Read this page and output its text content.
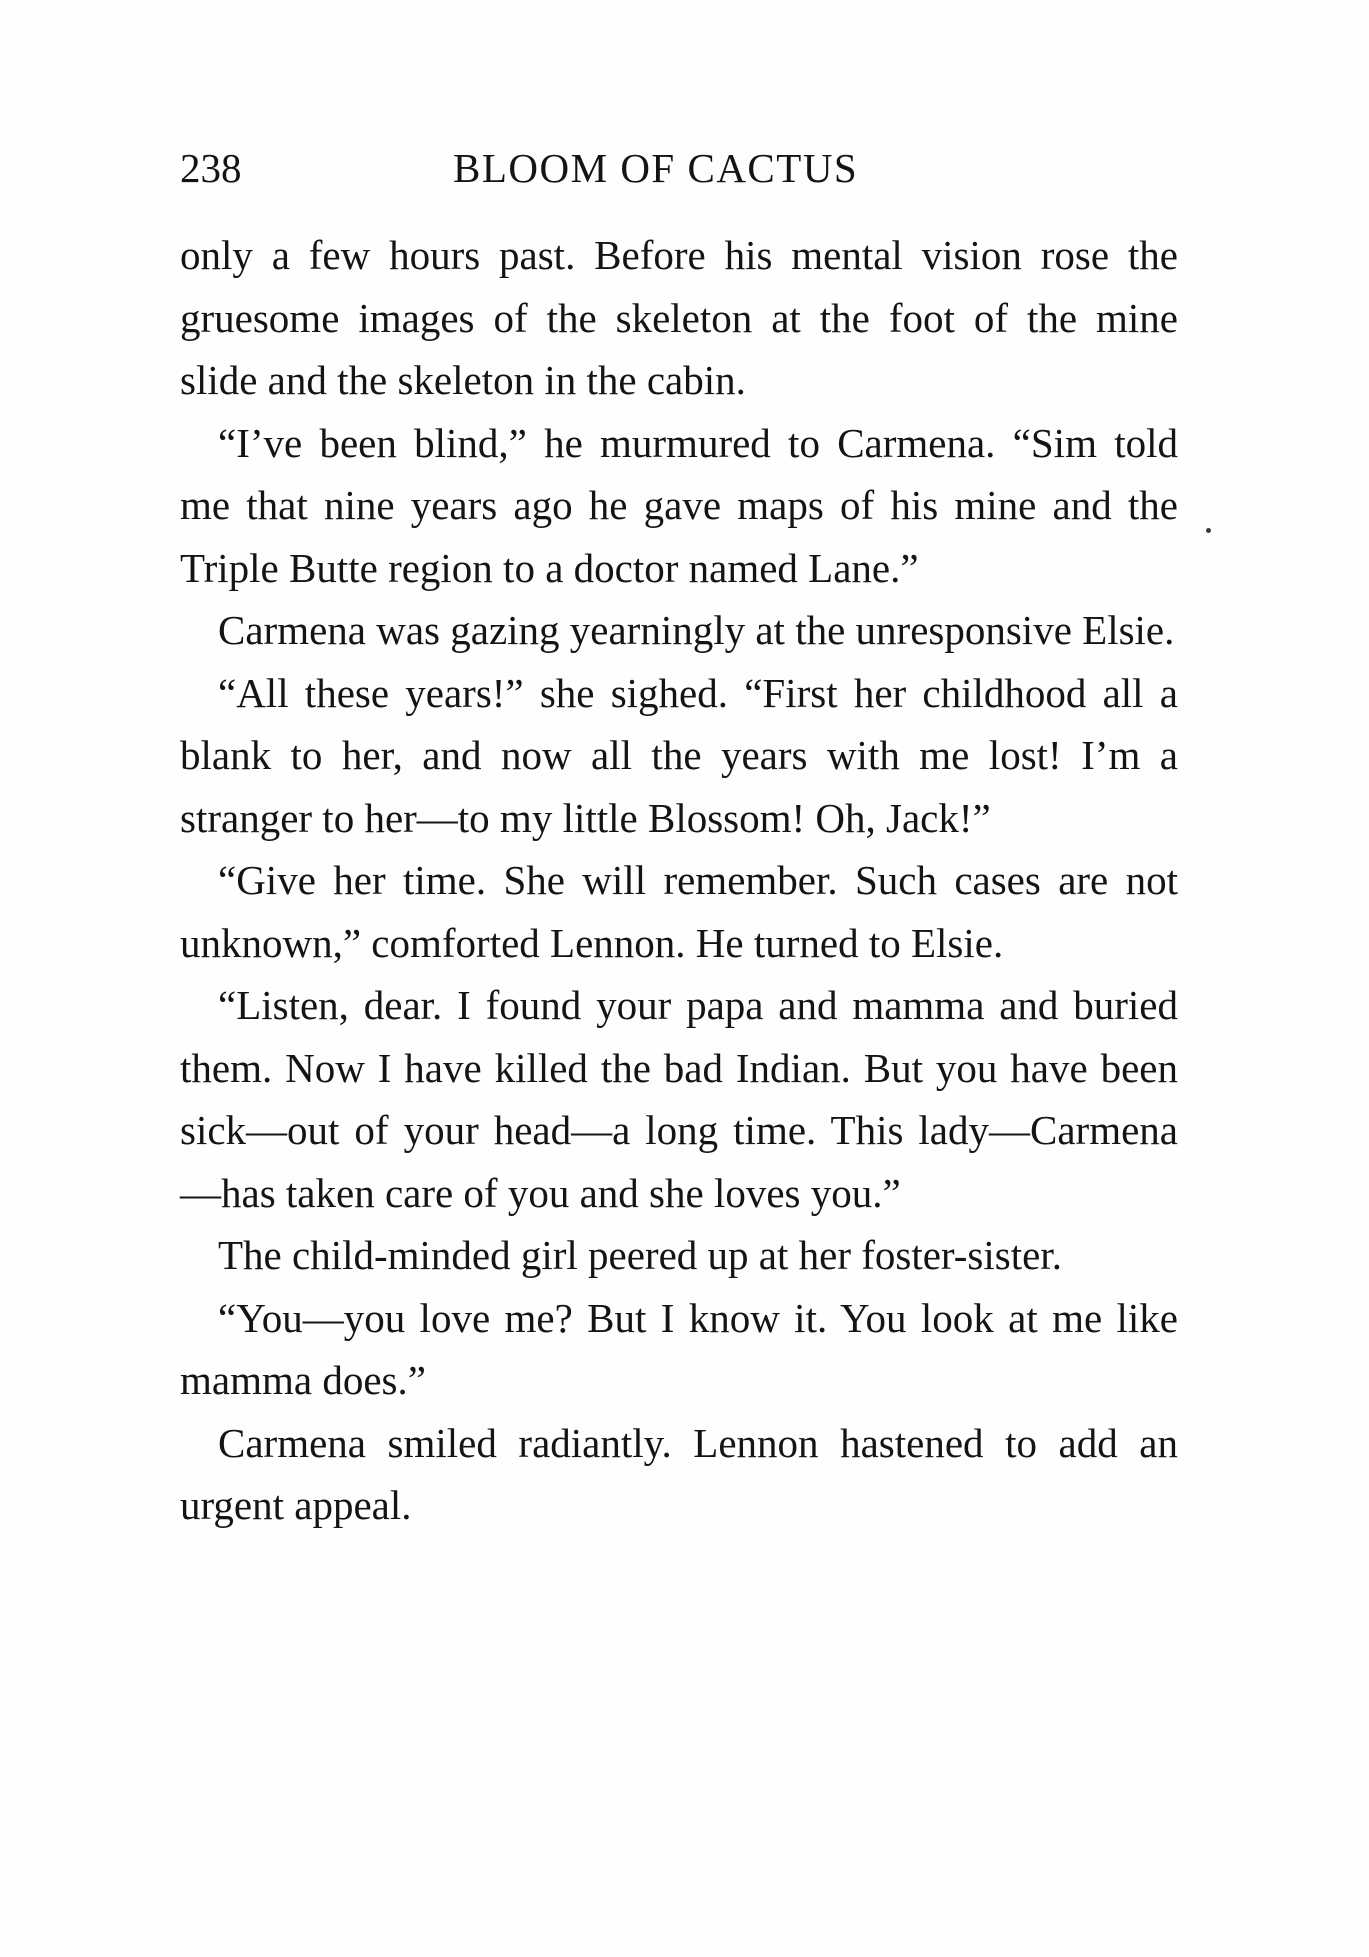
238	BLOOM OF CACTUS

only a few hours past. Before his mental vision rose the gruesome images of the skeleton at the foot of the mine slide and the skeleton in the cabin.

“I’ve been blind,” he murmured to Carmena. “Sim told me that nine years ago he gave maps of his mine and the Triple Butte region to a doctor named Lane.”

Carmena was gazing yearningly at the unresponsive Elsie.

“All these years!” she sighed. “First her childhood all a blank to her, and now all the years with me lost! I’m a stranger to her—to my little Blossom! Oh, Jack!”

“Give her time. She will remember. Such cases are not unknown,” comforted Lennon. He turned to Elsie.

“Listen, dear. I found your papa and mamma and buried them. Now I have killed the bad Indian. But you have been sick—out of your head—a long time. This lady—Carmena—has taken care of you and she loves you.”

The child-minded girl peered up at her foster-sister.

“You—you love me? But I know it. You look at me like mamma does.”

Carmena smiled radiantly. Lennon hastened to add an urgent appeal.
